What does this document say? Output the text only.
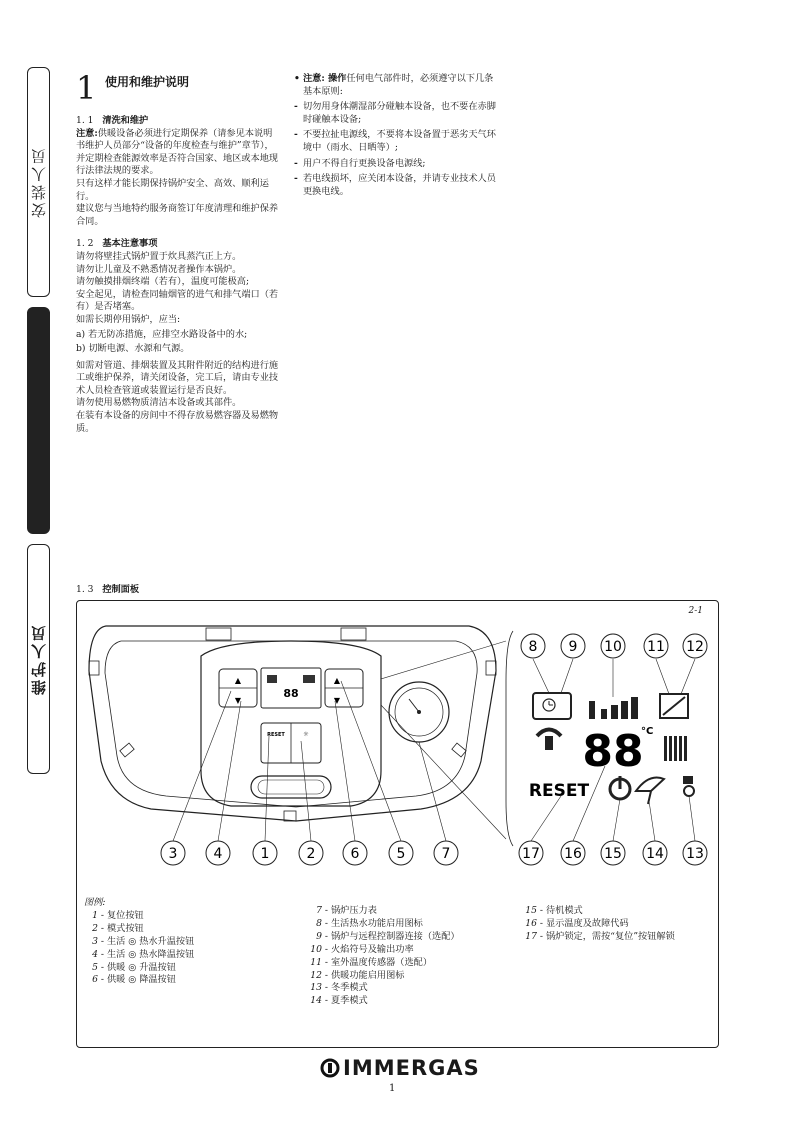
安装人员
维护人员
1 使用和维护说明

1. 1 清洗和维护

注意:供暖设备必须进行定期保养（请参见本说明书维护人员部分“设备的年度检查与维护”章节），并定期检查能源效率是否符合国家、地区或本地现行法律法规的要求。

只有这样才能长期保持锅炉安全、高效、顺利运行。

建议您与当地特约服务商签订年度清理和维护保养合同。

1. 2 基本注意事项

请勿将壁挂式锅炉置于炊具蒸汽正上方。

请勿让儿童及不熟悉情况者操作本锅炉。

请勿触摸排烟终端（若有），温度可能极高;

安全起见，请检查同轴烟管的进气和排气端口（若有）是否堵塞。

如需长期停用锅炉，应当:

a) 若无防冻措施，应排空水路设备中的水;

b) 切断电源、水源和气源。

如需对管道、排烟装置及其附件附近的结构进行施工或维护保养，请关闭设备，完工后，请由专业技术人员检查管道或装置运行是否良好。

请勿使用易燃物质清洁本设备或其部件。

在装有本设备的房间中不得存放易燃容器及易燃物质。

• 注意: 操作任何电气部件时，必须遵守以下几条基本原则:
- 切勿用身体潮湿部分碰触本设备，也不要在赤脚时碰触本设备;
- 不要拉扯电源线，不要将本设备置于恶劣天气环境中（雨水、日晒等）;
- 用户不得自行更换设备电源线;
- 若电线损坏，应关闭本设备，并请专业技术人员更换电线。
1. 3 控制面板
2-1
▲
▼
▲
▼
88
RESET	☼	88
°C
RESET
8 9 10 11 12
3	4	1	2	6	5	7	17 16 15 14 13
图例:
1 - 复位按钮
2 - 模式按钮
3 - 生活 ◎ 热水升温按钮
4 - 生活 ◎ 热水降温按钮
5 - 供暖 ◎ 升温按钮
6 - 供暖 ◎ 降温按钮
7 - 锅炉压力表
8 - 生活热水功能启用图标
9 - 锅炉与远程控制器连接（选配）
10 - 火焰符号及输出功率
11 - 室外温度传感器（选配）
12 - 供暖功能启用图标
13 - 冬季模式
14 - 夏季模式
15 - 待机模式
16 - 显示温度及故障代码
17 - 锅炉锁定，需按“复位”按钮解锁
IMMERGAS
1
